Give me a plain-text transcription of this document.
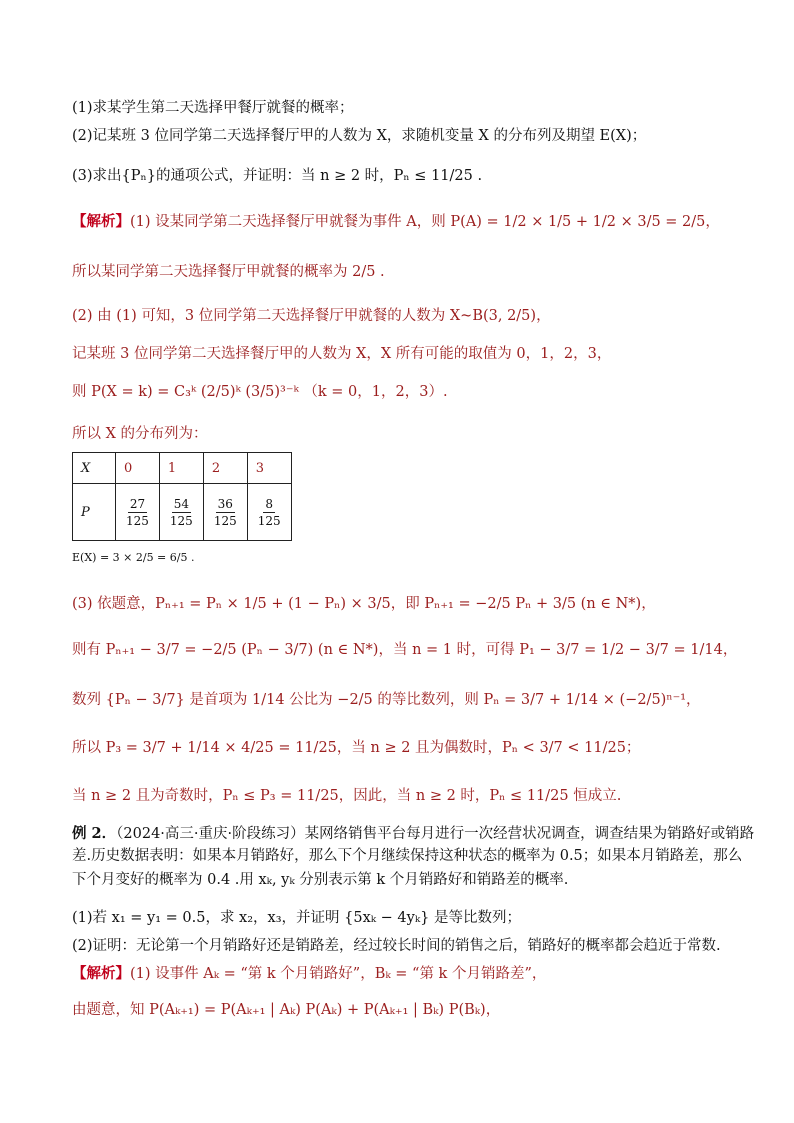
(1)求某学生第二天选择甲餐厅就餐的概率；
(2)记某班 3 位同学第二天选择餐厅甲的人数为 X，求随机变量 X 的分布列及期望 E(X)；
(3)求出{Pₙ}的通项公式，并证明：当 n ≥ 2 时，Pₙ ≤ 11/25 .
【解析】(1) 设某同学第二天选择餐厅甲就餐为事件 A，则 P(A) = 1/2 × 1/5 + 1/2 × 3/5 = 2/5，
所以某同学第二天选择餐厅甲就餐的概率为 2/5 .
(2) 由 (1) 可知，3 位同学第二天选择餐厅甲就餐的人数为 X~B(3, 2/5)，
记某班 3 位同学第二天选择餐厅甲的人数为 X，X 所有可能的取值为 0，1，2，3，
则 P(X = k) = C₃ᵏ (2/5)ᵏ (3/5)³⁻ᵏ （k = 0，1，2，3）.
所以 X 的分布列为：
X	0	1	2	3
P	$\frac{27}{125}$	$\frac{54}{125}$	$\frac{36}{125}$	$\frac{8}{125}$
E(X) = 3 × 2/5 = 6/5 .
(3) 依题意，Pₙ₊₁ = Pₙ × 1/5 + (1 − Pₙ) × 3/5，即 Pₙ₊₁ = −2/5 Pₙ + 3/5 (n ∈ N*)，
则有 Pₙ₊₁ − 3/7 = −2/5 (Pₙ − 3/7) (n ∈ N*)，当 n = 1 时，可得 P₁ − 3/7 = 1/2 − 3/7 = 1/14，
数列 {Pₙ − 3/7} 是首项为 1/14 公比为 −2/5 的等比数列，则 Pₙ = 3/7 + 1/14 × (−2/5)ⁿ⁻¹，
所以 P₃ = 3/7 + 1/14 × 4/25 = 11/25，当 n ≥ 2 且为偶数时，Pₙ < 3/7 < 11/25；
当 n ≥ 2 且为奇数时，Pₙ ≤ P₃ = 11/25，因此，当 n ≥ 2 时，Pₙ ≤ 11/25 恒成立.
例 2．（2024·高三·重庆·阶段练习）某网络销售平台每月进行一次经营状况调查，调查结果为销路好或销路
差.历史数据表明：如果本月销路好，那么下个月继续保持这种状态的概率为 0.5；如果本月销路差，那么
下个月变好的概率为 0.4 .用 xₖ, yₖ 分别表示第 k 个月销路好和销路差的概率.
(1)若 x₁ = y₁ = 0.5，求 x₂，x₃，并证明 {5xₖ − 4yₖ} 是等比数列；
(2)证明：无论第一个月销路好还是销路差，经过较长时间的销售之后，销路好的概率都会趋近于常数.
【解析】(1) 设事件 Aₖ = “第 k 个月销路好”，Bₖ = “第 k 个月销路差”，
由题意，知 P(Aₖ₊₁) = P(Aₖ₊₁ | Aₖ) P(Aₖ) + P(Aₖ₊₁ | Bₖ) P(Bₖ)，
